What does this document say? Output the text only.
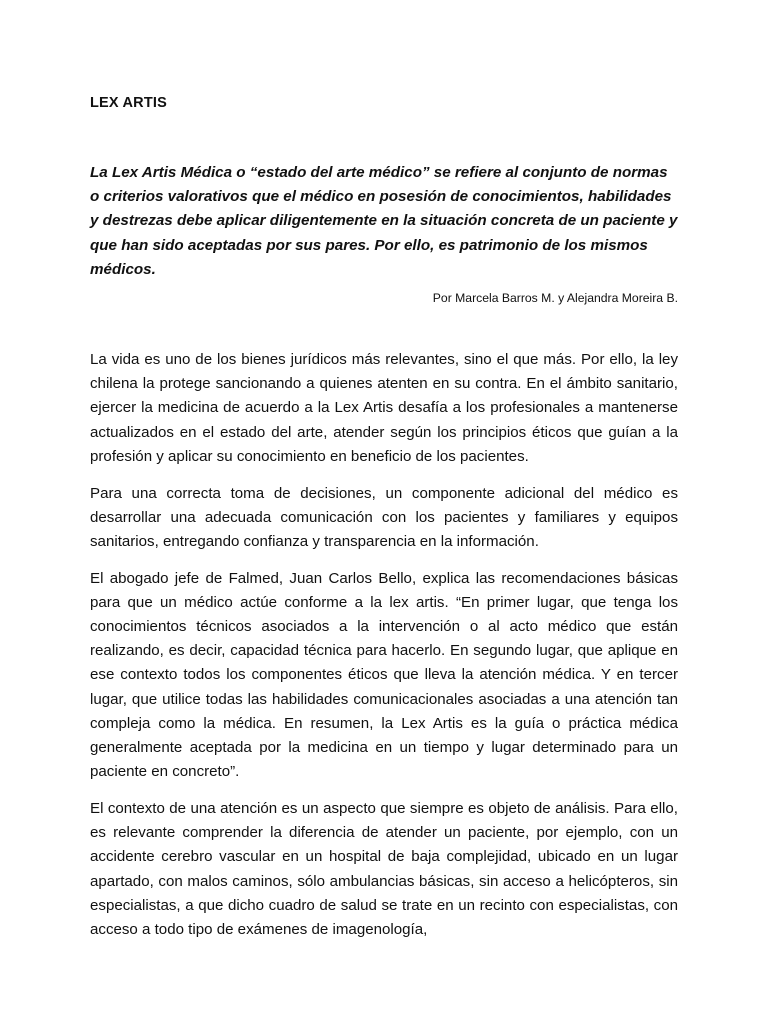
LEX ARTIS
La Lex Artis Médica o “estado del arte médico” se refiere al conjunto de normas o criterios valorativos que el médico en posesión de conocimientos, habilidades y destrezas debe aplicar diligentemente en la situación concreta de un paciente y que han sido aceptadas por sus pares. Por ello, es patrimonio de los mismos médicos.
Por Marcela Barros M. y Alejandra Moreira B.

La vida es uno de los bienes jurídicos más relevantes, sino el que más. Por ello, la ley chilena la protege sancionando a quienes atenten en su contra. En el ámbito sanitario, ejercer la medicina de acuerdo a la Lex Artis desafía a los profesionales a mantenerse actualizados en el estado del arte, atender según los principios éticos que guían a la profesión y aplicar su conocimiento en beneficio de los pacientes.

Para una correcta toma de decisiones, un componente adicional del médico es desarrollar una adecuada comunicación con los pacientes y familiares y equipos sanitarios, entregando confianza y transparencia en la información.

El abogado jefe de Falmed, Juan Carlos Bello, explica las recomendaciones básicas para que un médico actúe conforme a la lex artis. “En primer lugar, que tenga los conocimientos técnicos asociados a la intervención o al acto médico que están realizando, es decir, capacidad técnica para hacerlo. En segundo lugar, que aplique en ese contexto todos los componentes éticos que lleva la atención médica. Y en tercer lugar, que utilice todas las habilidades comunicacionales asociadas a una atención tan compleja como la médica. En resumen, la Lex Artis es la guía o práctica médica generalmente aceptada por la medicina en un tiempo y lugar determinado para un paciente en concreto”.

El contexto de una atención es un aspecto que siempre es objeto de análisis. Para ello, es relevante comprender la diferencia de atender un paciente, por ejemplo, con un accidente cerebro vascular en un hospital de baja complejidad, ubicado en un lugar apartado, con malos caminos, sólo ambulancias básicas, sin acceso a helicópteros, sin especialistas, a que dicho cuadro de salud se trate en un recinto con especialistas, con acceso a todo tipo de exámenes de imagenología,
